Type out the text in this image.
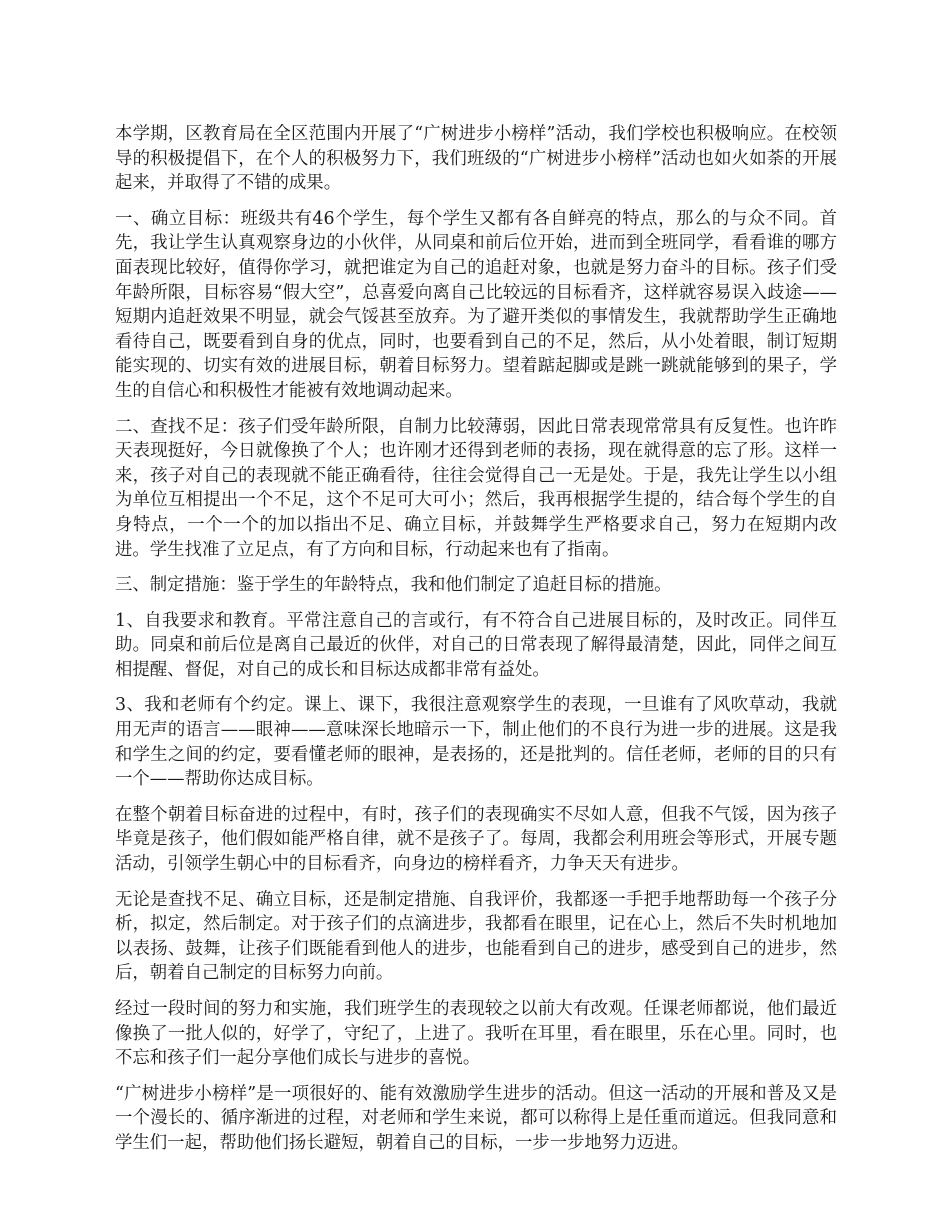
本学期，区教育局在全区范围内开展了“广树进步小榜样”活动，我们学校也积极响应。在校领导的积极提倡下，在个人的积极努力下，我们班级的“广树进步小榜样”活动也如火如荼的开展起来，并取得了不错的成果。

一、确立目标：班级共有46个学生，每个学生又都有各自鲜亮的特点，那么的与众不同。首先，我让学生认真观察身边的小伙伴，从同桌和前后位开始，进而到全班同学，看看谁的哪方面表现比较好，值得你学习，就把谁定为自己的追赶对象，也就是努力奋斗的目标。孩子们受年龄所限，目标容易“假大空”，总喜爱向离自己比较远的目标看齐，这样就容易误入歧途——短期内追赶效果不明显，就会气馁甚至放弃。为了避开类似的事情发生，我就帮助学生正确地看待自己，既要看到自身的优点，同时，也要看到自己的不足，然后，从小处着眼，制订短期能实现的、切实有效的进展目标，朝着目标努力。望着踮起脚或是跳一跳就能够到的果子，学生的自信心和积极性才能被有效地调动起来。

二、查找不足：孩子们受年龄所限，自制力比较薄弱，因此日常表现常常具有反复性。也许昨天表现挺好，今日就像换了个人；也许刚才还得到老师的表扬，现在就得意的忘了形。这样一来，孩子对自己的表现就不能正确看待，往往会觉得自己一无是处。于是，我先让学生以小组为单位互相提出一个不足，这个不足可大可小；然后，我再根据学生提的，结合每个学生的自身特点，一个一个的加以指出不足、确立目标，并鼓舞学生严格要求自己，努力在短期内改进。学生找准了立足点，有了方向和目标，行动起来也有了指南。

三、制定措施：鉴于学生的年龄特点，我和他们制定了追赶目标的措施。

1、自我要求和教育。平常注意自己的言或行，有不符合自己进展目标的，及时改正。同伴互助。同桌和前后位是离自己最近的伙伴，对自己的日常表现了解得最清楚，因此，同伴之间互相提醒、督促，对自己的成长和目标达成都非常有益处。

3、我和老师有个约定。课上、课下，我很注意观察学生的表现，一旦谁有了风吹草动，我就用无声的语言——眼神——意味深长地暗示一下，制止他们的不良行为进一步的进展。这是我和学生之间的约定，要看懂老师的眼神，是表扬的，还是批判的。信任老师，老师的目的只有一个——帮助你达成目标。

在整个朝着目标奋进的过程中，有时，孩子们的表现确实不尽如人意，但我不气馁，因为孩子毕竟是孩子，他们假如能严格自律，就不是孩子了。每周，我都会利用班会等形式，开展专题活动，引领学生朝心中的目标看齐，向身边的榜样看齐，力争天天有进步。

无论是查找不足、确立目标，还是制定措施、自我评价，我都逐一手把手地帮助每一个孩子分析，拟定，然后制定。对于孩子们的点滴进步，我都看在眼里，记在心上，然后不失时机地加以表扬、鼓舞，让孩子们既能看到他人的进步，也能看到自己的进步，感受到自己的进步，然后，朝着自己制定的目标努力向前。

经过一段时间的努力和实施，我们班学生的表现较之以前大有改观。任课老师都说，他们最近像换了一批人似的，好学了，守纪了，上进了。我听在耳里，看在眼里，乐在心里。同时，也不忘和孩子们一起分享他们成长与进步的喜悦。

“广树进步小榜样”是一项很好的、能有效激励学生进步的活动。但这一活动的开展和普及又是一个漫长的、循序渐进的过程，对老师和学生来说，都可以称得上是任重而道远。但我同意和学生们一起，帮助他们扬长避短，朝着自己的目标，一步一步地努力迈进。
